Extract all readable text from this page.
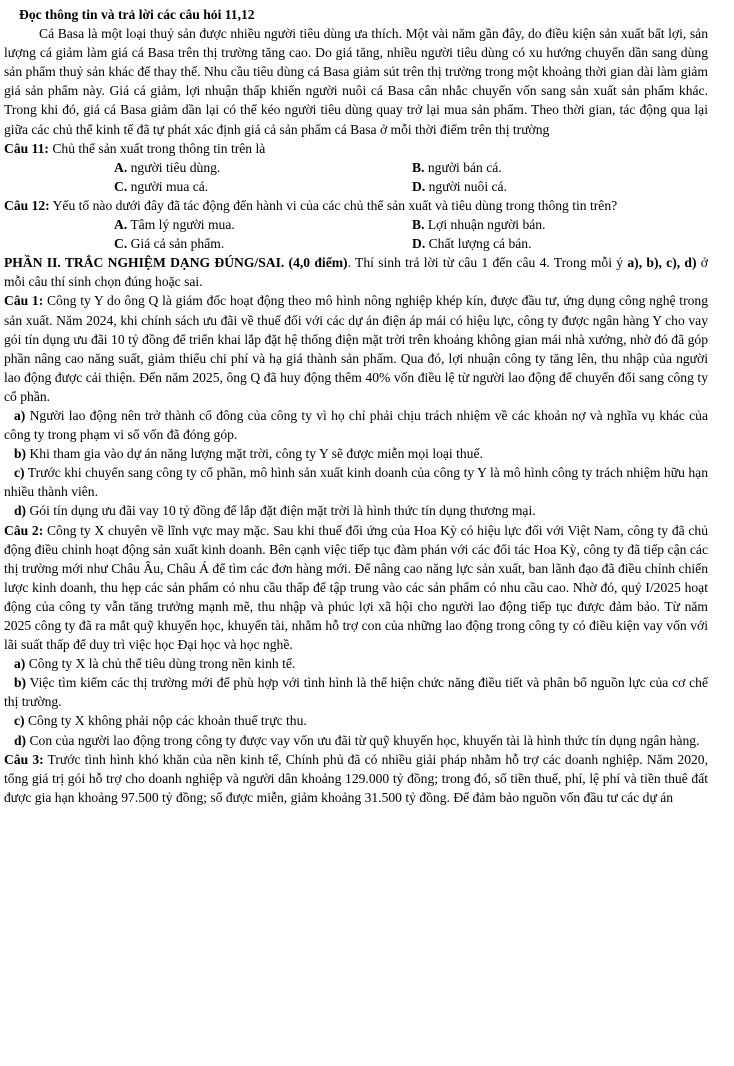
Đọc thông tin và trả lời các câu hỏi 11,12

Cá Basa là một loại thuỷ sản được nhiều người tiêu dùng ưa thích. Một vài năm gần đây, do điều kiện sản xuất bất lợi, sản lượng cá giảm làm giá cá Basa trên thị trường tăng cao. Do giá tăng, nhiều người tiêu dùng có xu hướng chuyển dần sang dùng sản phẩm thuỷ sản khác để thay thế. Nhu cầu tiêu dùng cá Basa giảm sút trên thị trường trong một khoảng thời gian dài làm giảm giá sản phẩm này. Giá cá giảm, lợi nhuận thấp khiến người nuôi cá Basa cân nhắc chuyển vốn sang sản xuất sản phẩm khác. Trong khi đó, giá cá Basa giảm dần lại có thể kéo người tiêu dùng quay trở lại mua sản phẩm. Theo thời gian, tác động qua lại giữa các chủ thể kinh tế đã tự phát xác định giá cả sản phẩm cá Basa ở mỗi thời điểm trên thị trường

Câu 11: Chủ thể sản xuất trong thông tin trên là

A. người tiêu dùng.	B. người bán cá.
C. người mua cá.	D. người nuôi cá.

Câu 12: Yếu tố nào dưới đây đã tác động đến hành vi của các chủ thể sản xuất và tiêu dùng trong thông tin trên?

A. Tâm lý người mua.	B. Lợi nhuận người bán.
C. Giá cả sản phẩm.	D. Chất lượng cá bán.

PHẦN II. TRẮC NGHIỆM DẠNG ĐÚNG/SAI. (4,0 điểm). Thí sinh trả lời từ câu 1 đến câu 4. Trong mỗi ý a), b), c), d) ở mỗi câu thí sinh chọn đúng hoặc sai.

Câu 1: Công ty Y do ông Q là giám đốc hoạt động theo mô hình nông nghiệp khép kín, được đầu tư, ứng dụng công nghệ trong sản xuất. Năm 2024, khi chính sách ưu đãi về thuế đối với các dự án điện áp mái có hiệu lực, công ty được ngân hàng Y cho vay gói tín dụng ưu đãi 10 tỷ đồng để triển khai lắp đặt hệ thống điện mặt trời trên khoảng không gian mái nhà xưởng, nhờ đó đã góp phần nâng cao năng suất, giảm thiểu chi phí và hạ giá thành sản phẩm. Qua đó, lợi nhuận công ty tăng lên, thu nhập của người lao động được cải thiện. Đến năm 2025, ông Q đã huy động thêm 40% vốn điều lệ từ người lao động để chuyển đổi sang công ty cổ phần.

a) Người lao động nên trở thành cổ đông của công ty vì họ chỉ phải chịu trách nhiệm về các khoản nợ và nghĩa vụ khác của công ty trong phạm vi số vốn đã đóng góp.

b) Khi tham gia vào dự án năng lượng mặt trời, công ty Y sẽ được miễn mọi loại thuế.

c) Trước khi chuyển sang công ty cổ phần, mô hình sản xuất kinh doanh của công ty Y là mô hình công ty trách nhiệm hữu hạn nhiều thành viên.

d) Gói tín dụng ưu đãi vay 10 tỷ đồng để lắp đặt điện mặt trời là hình thức tín dụng thương mại.

Câu 2: Công ty X chuyên về lĩnh vực may mặc. Sau khi thuế đối ứng của Hoa Kỳ có hiệu lực đối với Việt Nam, công ty đã chủ động điều chỉnh hoạt động sản xuất kinh doanh. Bên cạnh việc tiếp tục đàm phán với các đối tác Hoa Kỳ, công ty đã tiếp cận các thị trường mới như Châu Âu, Châu Á để tìm các đơn hàng mới. Để nâng cao năng lực sản xuất, ban lãnh đạo đã điều chỉnh chiến lược kinh doanh, thu hẹp các sản phẩm có nhu cầu thấp để tập trung vào các sản phẩm có nhu cầu cao. Nhờ đó, quý I/2025 hoạt động của công ty vẫn tăng trưởng mạnh mẽ, thu nhập và phúc lợi xã hội cho người lao động tiếp tục được đảm bảo. Từ năm 2025 công ty đã ra mắt quỹ khuyến học, khuyến tài, nhằm hỗ trợ con của những lao động trong công ty có điều kiện vay vốn với lãi suất thấp để duy trì việc học Đại học và học nghề.

a) Công ty X là chủ thể tiêu dùng trong nền kinh tế.

b) Việc tìm kiếm các thị trường mới để phù hợp với tình hình là thể hiện chức năng điều tiết và phân bổ nguồn lực của cơ chế thị trường.

c) Công ty X không phải nộp các khoản thuế trực thu.

d) Con của người lao động trong công ty được vay vốn ưu đãi từ quỹ khuyến học, khuyến tài là hình thức tín dụng ngân hàng.

Câu 3: Trước tình hình khó khăn của nền kinh tế, Chính phủ đã có nhiều giải pháp nhằm hỗ trợ các doanh nghiệp. Năm 2020, tổng giá trị gói hỗ trợ cho doanh nghiệp và người dân khoảng 129.000 tỷ đồng; trong đó, số tiền thuế, phí, lệ phí và tiền thuê đất được gia hạn khoảng 97.500 tỷ đồng; số được miễn, giảm khoảng 31.500 tỷ đồng. Để đảm bảo nguồn vốn đầu tư các dự án
